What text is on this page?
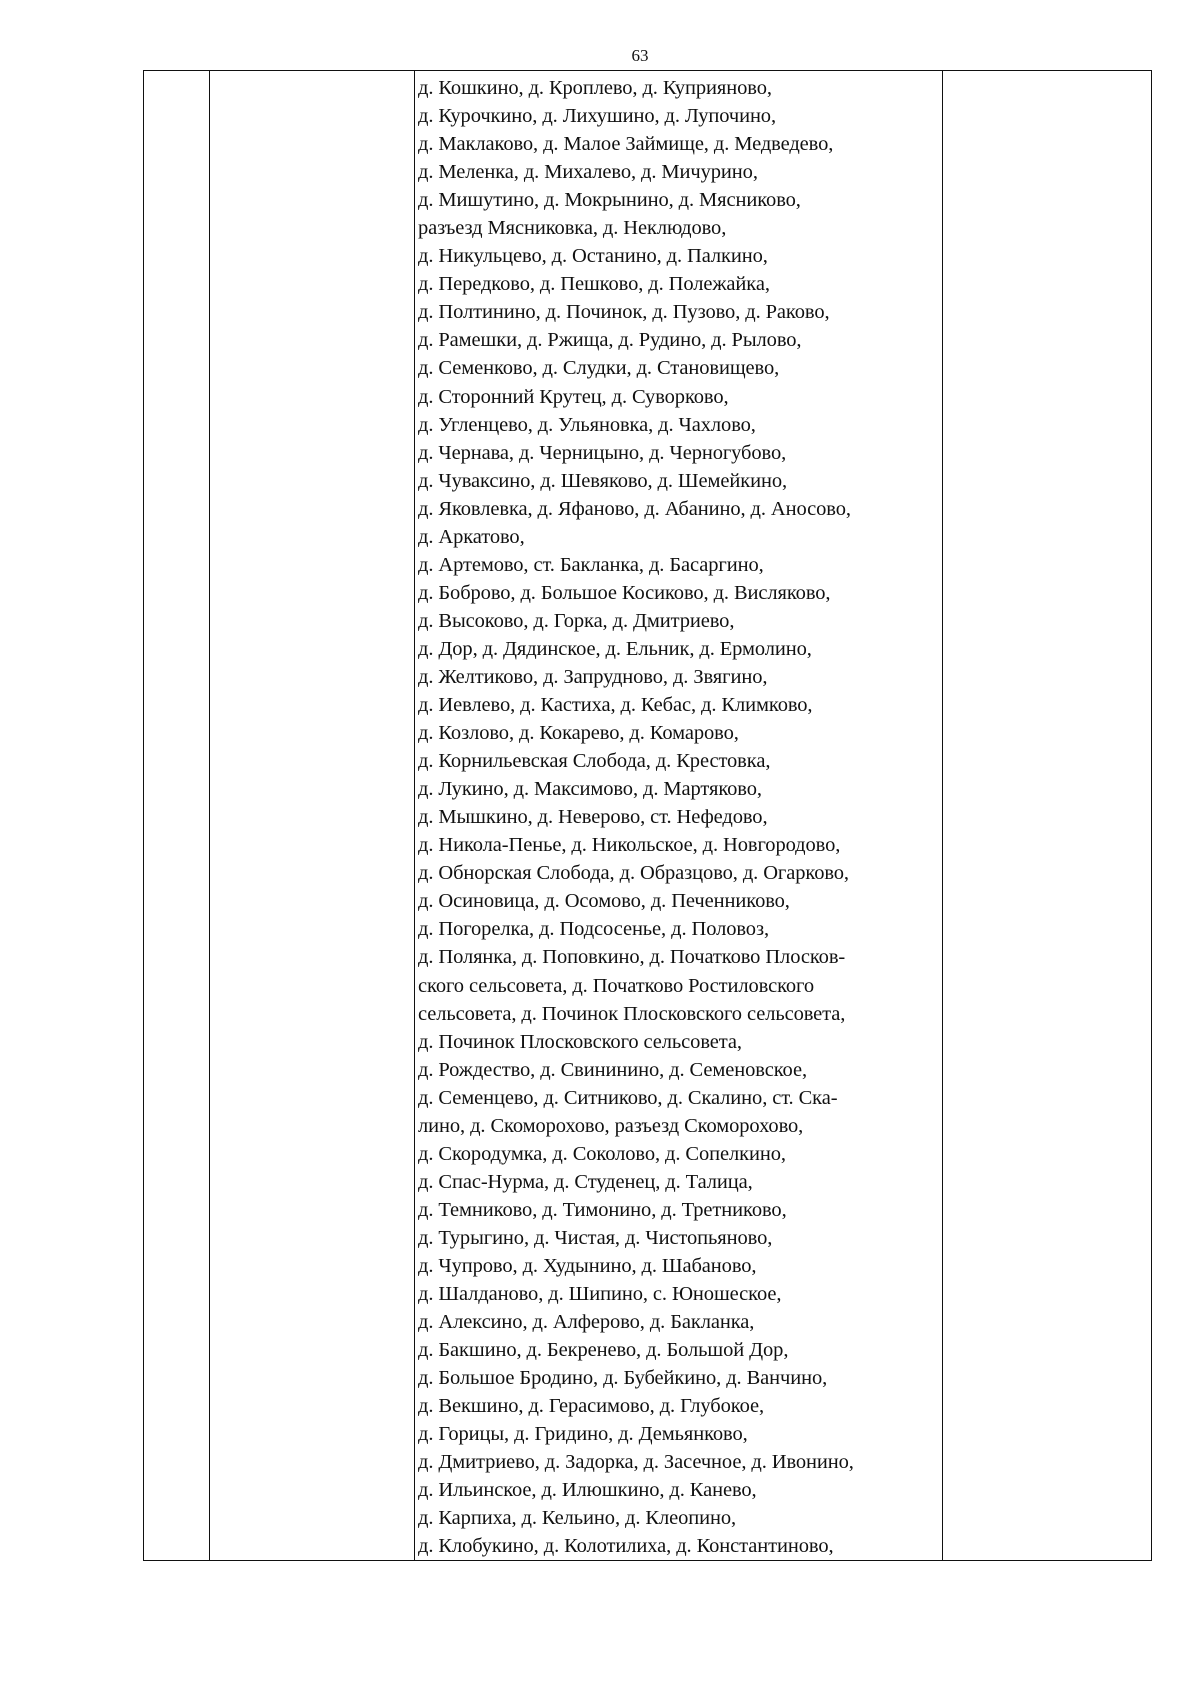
63
д. Кошкино, д. Кроплево, д. Куприяново,
д. Курочкино, д. Лихушино, д. Лупочино,
д. Маклаково, д. Малое Займище, д. Медведево,
д. Меленка, д. Михалево, д. Мичурино,
д. Мишутино, д. Мокрынино, д. Мясниково,
разъезд Мясниковка, д. Неклюдово,
д. Никульцево, д. Останино, д. Палкино,
д. Передково, д. Пешково, д. Полежайка,
д. Полтинино, д. Починок, д. Пузово, д. Раково,
д. Рамешки, д. Ржища, д. Рудино, д. Рылово,
д. Семенково, д. Слудки, д. Становищево,
д. Сторонний Крутец, д. Суворково,
д. Угленцево, д. Ульяновка, д. Чахлово,
д. Чернава, д. Черницыно, д. Черногубово,
д. Чуваксино, д. Шевяково, д. Шемейкино,
д. Яковлевка, д. Яфаново, д. Абанино, д. Аносово,
д. Аркатово,
д. Артемово, ст. Бакланка, д. Басаргино,
д. Боброво, д. Большое Косиково, д. Висляково,
д. Высоково, д. Горка, д. Дмитриево,
д. Дор, д. Дядинское, д. Ельник, д. Ермолино,
д. Желтиково, д. Запрудново, д. Звягино,
д. Иевлево, д. Кастиха, д. Кебас, д. Климково,
д. Козлово, д. Кокарево, д. Комарово,
д. Корнильевская Слобода, д. Крестовка,
д. Лукино, д. Максимово, д. Мартяково,
д. Мышкино, д. Неверово, ст. Нефедово,
д. Никола-Пенье, д. Никольское, д. Новгородово,
д. Обнорская Слобода, д. Образцово, д. Огарково,
д. Осиновица, д. Осомово, д. Печенниково,
д. Погорелка, д. Подсосенье, д. Половоз,
д. Полянка, д. Поповкино, д. Початково Плосков-
ского сельсовета, д. Початково Ростиловского
сельсовета, д. Починок Плосковского сельсовета,
д. Починок Плосковского сельсовета,
д. Рождество, д. Свининино, д. Семеновское,
д. Семенцево, д. Ситниково, д. Скалино, ст. Ска-
лино, д. Скоморохово, разъезд Скоморохово,
д. Скородумка, д. Соколово, д. Сопелкино,
д. Спас-Нурма, д. Студенец, д. Талица,
д. Темниково, д. Тимонино, д. Третниково,
д. Турыгино, д. Чистая, д. Чистопьяново,
д. Чупрово, д. Худынино, д. Шабаново,
д. Шалданово, д. Шипино, с. Юношеское,
д. Алексино, д. Алферово, д. Бакланка,
д. Бакшино, д. Бекренево, д. Большой Дор,
д. Большое Бродино, д. Бубейкино, д. Ванчино,
д. Векшино, д. Герасимово, д. Глубокое,
д. Горицы, д. Гридино, д. Демьянково,
д. Дмитриево, д. Задорка, д. Засечное, д. Ивонино,
д. Ильинское, д. Илюшкино, д. Канево,
д. Карпиха, д. Кельино, д. Клеопино,
д. Клобукино, д. Колотилиха, д. Константиново,
